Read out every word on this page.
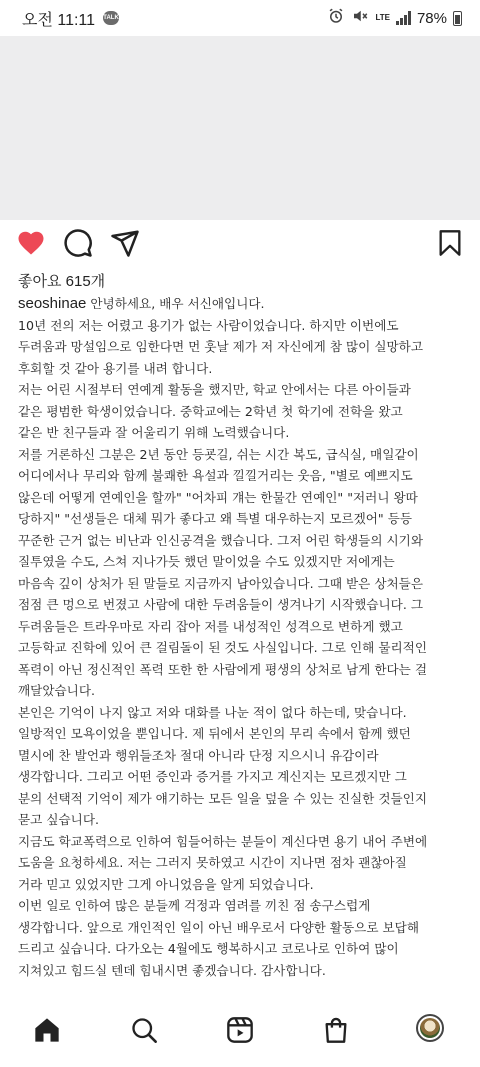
오전 11:11 TALK	LTE 78%
좋아요 615개

seoshinae 안녕하세요, 배우 서신애입니다.

10년 전의 저는 어렸고 용기가 없는 사람이었습니다. 하지만 이번에도

두려움과 망설임으로 임한다면 먼 훗날 제가 저 자신에게 참 많이 실망하고

후회할 것 같아 용기를 내려 합니다.

저는 어린 시절부터 연예계 활동을 했지만, 학교 안에서는 다른 아이들과

같은 평범한 학생이었습니다. 중학교에는 2학년 첫 학기에 전학을 왔고

같은 반 친구들과 잘 어울리기 위해 노력했습니다.

저를 거론하신 그분은 2년 동안 등굣길, 쉬는 시간 복도, 급식실, 매일같이

어디에서나 무리와 함께 불쾌한 욕설과 낄낄거리는 웃음, "별로 예쁘지도

않은데 어떻게 연예인을 할까" "어차피 걔는 한물간 연예인" "저러니 왕따

당하지" "선생들은 대체 뭐가 좋다고 왜 특별 대우하는지 모르겠어" 등등

꾸준한 근거 없는 비난과 인신공격을 했습니다. 그저 어린 학생들의 시기와

질투였을 수도, 스쳐 지나가듯 했던 말이었을 수도 있겠지만 저에게는

마음속 깊이 상처가 된 말들로 지금까지 남아있습니다. 그때 받은 상처들은

점점 큰 멍으로 번졌고 사람에 대한 두려움들이 생겨나기 시작했습니다. 그

두려움들은 트라우마로 자리 잡아 저를 내성적인 성격으로 변하게 했고

고등학교 진학에 있어 큰 걸림돌이 된 것도 사실입니다. 그로 인해 물리적인

폭력이 아닌 정신적인 폭력 또한 한 사람에게 평생의 상처로 남게 한다는 걸

깨달았습니다.

본인은 기억이 나지 않고 저와 대화를 나눈 적이 없다 하는데, 맞습니다.

일방적인 모욕이었을 뿐입니다. 제 뒤에서 본인의 무리 속에서 함께 했던

멸시에 찬 발언과 행위들조차 절대 아니라 단정 지으시니 유감이라

생각합니다. 그리고 어떤 증인과 증거를 가지고 계신지는 모르겠지만 그

분의 선택적 기억이 제가 얘기하는 모든 일을 덮을 수 있는 진실한 것들인지

묻고 싶습니다.

지금도 학교폭력으로 인하여 힘들어하는 분들이 계신다면 용기 내어 주변에

도움을 요청하세요. 저는 그러지 못하였고 시간이 지나면 점차 괜찮아질

거라 믿고 있었지만 그게 아니었음을 알게 되었습니다.

이번 일로 인하여 많은 분들께 걱정과 염려를 끼친 점 송구스럽게

생각합니다. 앞으로 개인적인 일이 아닌 배우로서 다양한 활동으로 보답해

드리고 싶습니다. 다가오는 4월에도 행복하시고 코로나로 인하여 많이

지쳐있고 힘드실 텐데 힘내시면 좋겠습니다. 감사합니다.
